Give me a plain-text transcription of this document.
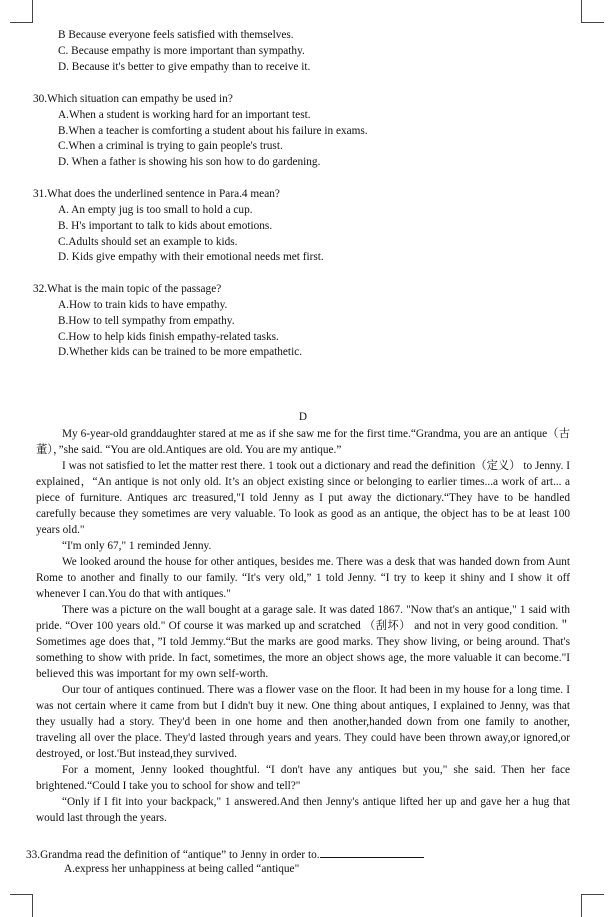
B Because everyone feels satisfied with themselves.
C. Because empathy is more important than sympathy.
D. Because it's better to give empathy than to receive it.
30.Which situation can empathy be used in?
A.When a student is working hard for an important test.
B.When a teacher is comforting a student about his failure in exams.
C.When a criminal is trying to gain people's trust.
D. When a father is showing his son how to do gardening.
31.What does the underlined sentence in Para.4 mean?
A. An empty jug is too small to hold a cup.
B. H's important to talk to kids about emotions.
C.Adults should set an example to kids.
D. Kids give empathy with their emotional needs met first.
32.What is the main topic of the passage?
A.How to train kids to have empathy.
B.How to tell sympathy from empathy.
C.How to help kids finish empathy-related tasks.
D.Whether kids can be trained to be more empathetic.
D

My 6-year-old granddaughter stared at me as if she saw me for the first time.“Grandma, you are an antique（古董），”she said. “You are old.Antiques are old. You are my antique.”

I was not satisfied to let the matter rest there. 1 took out a dictionary and read the definition（定义） to Jenny. I explained，“An antique is not only old. It’s an object existing since or belonging to earlier times...a work of art... a piece of furniture. Antiques arc treasured,"I told Jenny as I put away the dictionary.“They have to be handled carefully because they sometimes are very valuable. To look as good as an antique, the object has to be at least 100 years old."

“I'm only 67," 1 reminded Jenny.

We looked around the house for other antiques, besides me. There was a desk that was handed down from Aunt Rome to another and finally to our family. “It's very old,” 1 told Jenny. “I try to keep it shiny and I show it off whenever I can.You do that with antiques."

There was a picture on the wall bought at a garage sale. It was dated 1867. "Now that's an antique," 1 said with pride. “Over 100 years old." Of course it was marked up and scratched （刮坏） and not in very good condition.＂Sometimes age does that，”I told Jemmy.“But the marks are good marks. They show living, or being around. That's something to show with pride. In fact, sometimes, the more an object shows age, the more valuable it can become."I believed this was important for my own self-worth.

Our tour of antiques continued. There was a flower vase on the floor. It had been in my house for a long time. I was not certain where it came from but I didn't buy it new. One thing about antiques, I explained to Jenny, was that they usually had a story. They'd been in one home and then another,handed down from one family to another, traveling all over the place. They'd lasted through years and years. They could have been thrown away,or ignored,or destroyed, or lost.'But instead,they survived.

For a moment, Jenny looked thoughtful. “I don't have any antiques but you," she said. Then her face brightened.“Could I take you to school for show and tell?"

“Only if I fit into your backpack," 1 answered.And then Jenny's antique lifted her up and gave her a hug that would last through the years.

33.Grandma read the definition of “antique” to Jenny in order to.
A.express her unhappiness at being called “antique"
